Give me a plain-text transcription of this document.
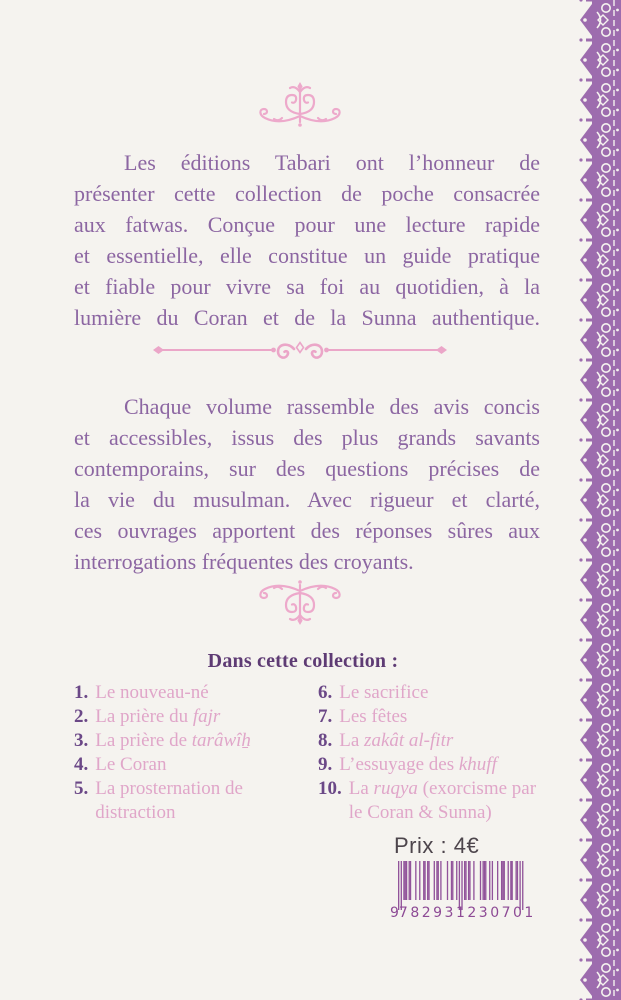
Les éditions Tabari ont l’honneur de
présenter cette collection de poche consacrée
aux fatwas. Conçue pour une lecture rapide
et essentielle, elle constitue un guide pratique
et fiable pour vivre sa foi au quotidien, à la
lumière du Coran et de la Sunna authentique.
Chaque volume rassemble des avis concis
et accessibles, issus des plus grands savants
contemporains, sur des questions précises de
la vie du musulman. Avec rigueur et clarté,
ces ouvrages apportent des réponses sûres aux
interrogations fréquentes des croyants.
Dans cette collection :
1. Le nouveau-né
2. La prière du fajr
3. La prière de tarâwîẖ
4. Le Coran
5. La prosternation de distraction
6. Le sacrifice
7. Les fêtes
8. La zakât al-fitr
9. L’essuyage des khuff
10. La ruqya (exorcisme par le Coran & Sunna)
Prix : 4€
9 782931 230701
